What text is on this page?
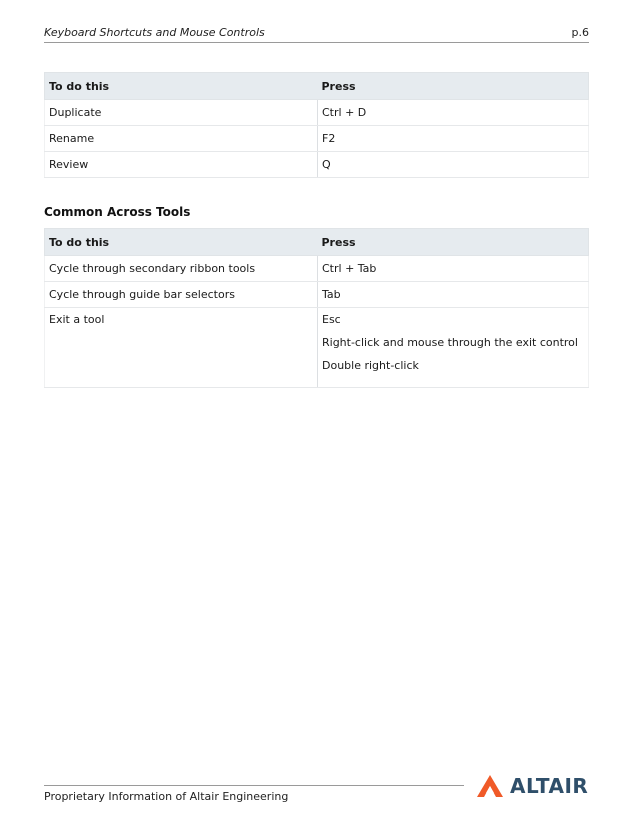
Keyboard Shortcuts and Mouse Controls	p.6
To do this	Press
Duplicate	Ctrl + D
Rename	F2
Review	Q
Common Across Tools
To do this	Press
Cycle through secondary ribbon tools	Ctrl + Tab
Cycle through guide bar selectors	Tab
Exit a tool	Esc
Right-click and mouse through the exit control
Double right-click
Proprietary Information of Altair Engineering	ALTAIR
